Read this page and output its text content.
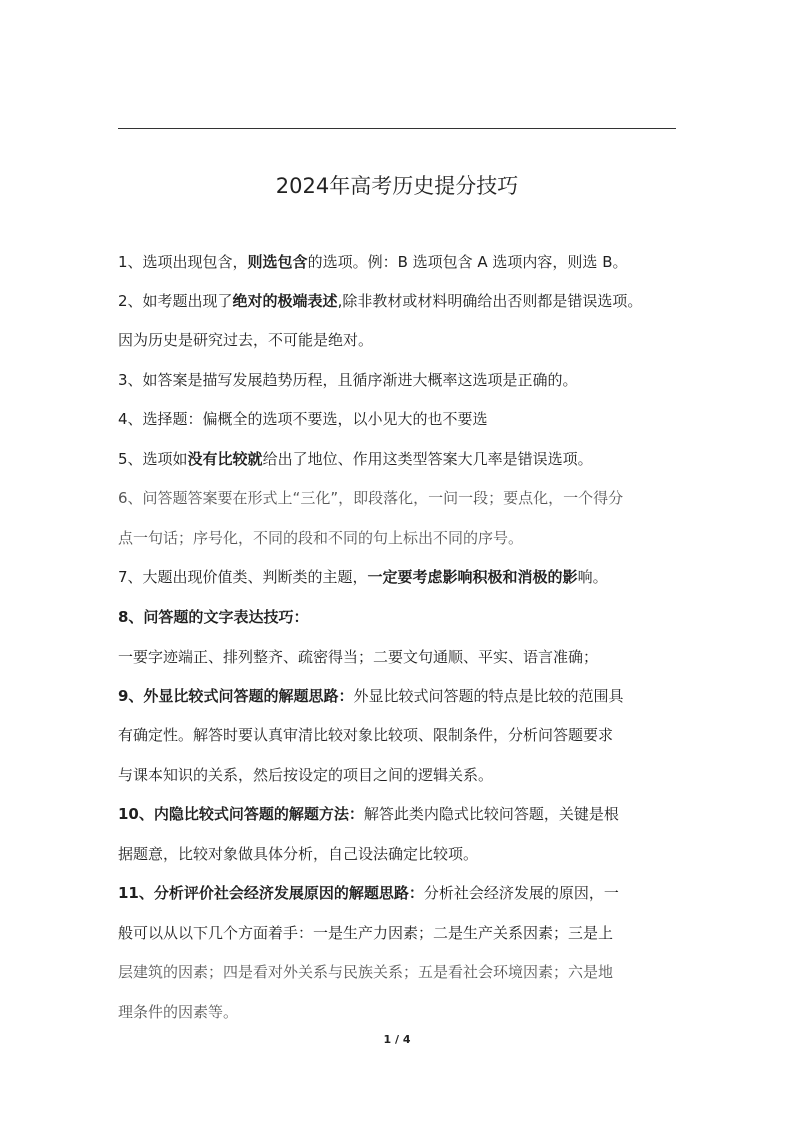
2024年高考历史提分技巧
1、选项出现包含，则选包含的选项。例：B 选项包含 A 选项内容，则选 B。
2、如考题出现了绝对的极端表述,除非教材或材料明确给出否则都是错误选项。
因为历史是研究过去，不可能是绝对。
3、如答案是描写发展趋势历程，且循序渐进大概率这选项是正确的。
4、选择题：偏概全的选项不要选，以小见大的也不要选
5、选项如没有比较就给出了地位、作用这类型答案大几率是错误选项。
6、问答题答案要在形式上“三化”，即段落化，一问一段；要点化，一个得分
点一句话；序号化，不同的段和不同的句上标出不同的序号。
7、大题出现价值类、判断类的主题，一定要考虑影响积极和消极的影响。
8、问答题的文字表达技巧：
一要字迹端正、排列整齐、疏密得当；二要文句通顺、平实、语言准确；
9、外显比较式问答题的解题思路：外显比较式问答题的特点是比较的范围具
有确定性。解答时要认真审清比较对象比较项、限制条件，分析问答题要求
与课本知识的关系，然后按设定的项目之间的逻辑关系。
10、内隐比较式问答题的解题方法：解答此类内隐式比较问答题，关键是根
据题意，比较对象做具体分析，自己设法确定比较项。
11、分析评价社会经济发展原因的解题思路：分析社会经济发展的原因，一
般可以从以下几个方面着手：一是生产力因素；二是生产关系因素；三是上
层建筑的因素；四是看对外关系与民族关系；五是看社会环境因素；六是地
理条件的因素等。
1 / 4
